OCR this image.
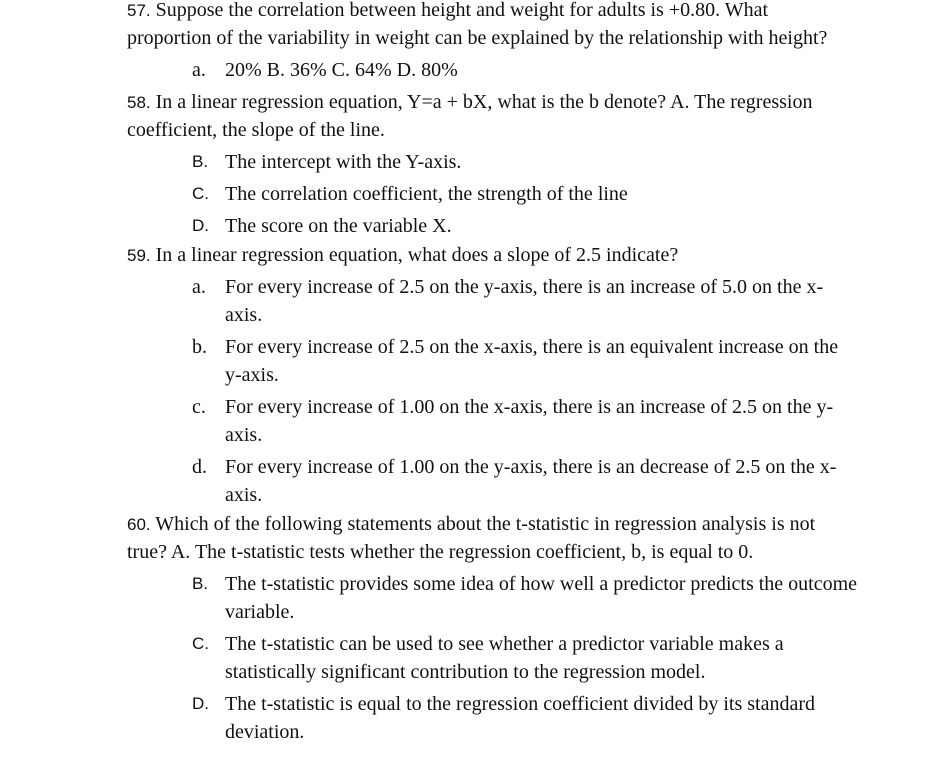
57. Suppose the correlation between height and weight for adults is +0.80. What
proportion of the variability in weight can be explained by the relationship with height?
a. 20% B. 36% C. 64% D. 80%
58. In a linear regression equation, Y=a + bX, what is the b denote? A. The regression
coefficient, the slope of the line.
B. The intercept with the Y-axis.
C. The correlation coefficient, the strength of the line
D. The score on the variable X.
59. In a linear regression equation, what does a slope of 2.5 indicate?
a. For every increase of 2.5 on the y-axis, there is an increase of 5.0 on the x-
axis.
b. For every increase of 2.5 on the x-axis, there is an equivalent increase on the
y-axis.
c. For every increase of 1.00 on the x-axis, there is an increase of 2.5 on the y-
axis.
d. For every increase of 1.00 on the y-axis, there is an decrease of 2.5 on the x-
axis.
60. Which of the following statements about the t-statistic in regression analysis is not
true? A. The t-statistic tests whether the regression coefficient, b, is equal to 0.
B. The t-statistic provides some idea of how well a predictor predicts the outcome
variable.
C. The t-statistic can be used to see whether a predictor variable makes a
statistically significant contribution to the regression model.
D. The t-statistic is equal to the regression coefficient divided by its standard
deviation.
